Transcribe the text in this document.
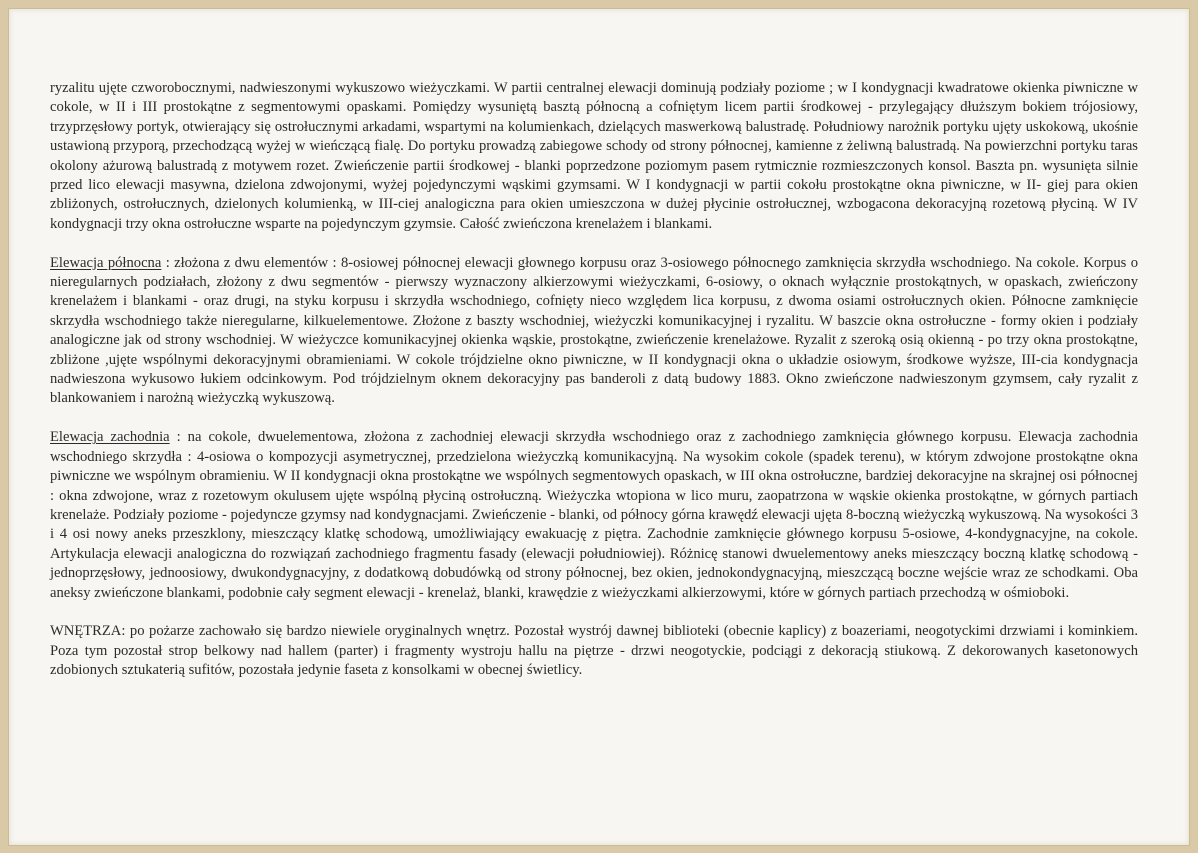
ryzalitu ujęte czworobocznymi, nadwieszonymi wykuszowo wieżyczkami. W partii centralnej elewacji dominują podziały poziome ; w I kondygnacji kwadratowe okienka piwniczne w cokole, w II i III prostokątne z segmentowymi opaskami. Pomiędzy wysuniętą basztą północną a cofniętym licem partii środkowej - przylegający dłuższym bokiem trójosiowy, trzyprzęsłowy portyk, otwierający się ostrołucznymi arkadami, wspartymi na kolumienkach, dzielących maswerkową balustradę. Południowy narożnik portyku ujęty uskokową, ukośnie ustawioną przyporą, przechodzącą wyżej w wieńczącą fialę. Do portyku prowadzą zabiegowe schody od strony północnej, kamienne z żeliwną balustradą. Na powierzchni portyku taras okolony ażurową balustradą z motywem rozet. Zwieńczenie partii środkowej - blanki poprzedzone poziomym pasem rytmicznie rozmieszczonych konsol. Baszta pn. wysunięta silnie przed lico elewacji masywna, dzielona zdwojonymi, wyżej pojedynczymi wąskimi gzymsami. W I kondygnacji w partii cokołu prostokątne okna piwniczne, w II- giej para okien zbliżonych, ostrołucznych, dzielonych kolumienką, w III-ciej analogiczna para okien umieszczona w dużej płycinie ostrołucznej, wzbogacona dekoracyjną rozetową płyciną. W IV kondygnacji trzy okna ostrołuczne wsparte na pojedynczym gzymsie. Całość zwieńczona krenelażem i blankami.

Elewacja północna : złożona z dwu elementów : 8-osiowej północnej elewacji głownego korpusu oraz 3-osiowego północnego zamknięcia skrzydła wschodniego. Na cokole. Korpus o nieregularnych podziałach, złożony z dwu segmentów - pierwszy wyznaczony alkierzowymi wieżyczkami, 6-osiowy, o oknach wyłącznie prostokątnych, w opaskach, zwieńczony krenelażem i blankami - oraz drugi, na styku korpusu i skrzydła wschodniego, cofnięty nieco względem lica korpusu, z dwoma osiami ostrołucznych okien. Północne zamknięcie skrzydła wschodniego także nieregularne, kilkuelementowe. Złożone z baszty wschodniej, wieżyczki komunikacyjnej i ryzalitu. W baszcie okna ostrołuczne - formy okien i podziały analogiczne jak od strony wschodniej. W wieżyczce komunikacyjnej okienka wąskie, prostokątne, zwieńczenie krenelażowe. Ryzalit z szeroką osią okienną - po trzy okna prostokątne, zbliżone ,ujęte wspólnymi dekoracyjnymi obramieniami. W cokole trójdzielne okno piwniczne, w II kondygnacji okna o układzie osiowym, środkowe wyższe, III-cia kondygnacja nadwieszona wykusowo łukiem odcinkowym. Pod trójdzielnym oknem dekoracyjny pas banderoli z datą budowy 1883. Okno zwieńczone nadwieszonym gzymsem, cały ryzalit z blankowaniem i narożną wieżyczką wykuszową.

Elewacja zachodnia : na cokole, dwuelementowa, złożona z zachodniej elewacji skrzydła wschodniego oraz z zachodniego zamknięcia głównego korpusu. Elewacja zachodnia wschodniego skrzydła : 4-osiowa o kompozycji asymetrycznej, przedzielona wieżyczką komunikacyjną. Na wysokim cokole (spadek terenu), w którym zdwojone prostokątne okna piwniczne we wspólnym obramieniu. W II kondygnacji okna prostokątne we wspólnych segmentowych opaskach, w III okna ostrołuczne, bardziej dekoracyjne na skrajnej osi północnej : okna zdwojone, wraz z rozetowym okulusem ujęte wspólną płyciną ostrołuczną. Wieżyczka wtopiona w lico muru, zaopatrzona w wąskie okienka prostokątne, w górnych partiach krenelaże. Podziały poziome - pojedyncze gzymsy nad kondygnacjami. Zwieńczenie - blanki, od północy górna krawędź elewacji ujęta 8-boczną wieżyczką wykuszową. Na wysokości 3 i 4 osi nowy aneks przeszklony, mieszczący klatkę schodową, umożliwiający ewakuację z piętra. Zachodnie zamknięcie głównego korpusu 5-osiowe, 4-kondygnacyjne, na cokole. Artykulacja elewacji analogiczna do rozwiązań zachodniego fragmentu fasady (elewacji południowiej). Różnicę stanowi dwuelementowy aneks mieszczący boczną klatkę schodową - jednoprzęsłowy, jednoosiowy, dwukondygnacyjny, z dodatkową dobudówką od strony północnej, bez okien, jednokondygnacyjną, mieszczącą boczne wejście wraz ze schodkami. Oba aneksy zwieńczone blankami, podobnie cały segment elewacji - krenelaż, blanki, krawędzie z wieżyczkami alkierzowymi, które w górnych partiach przechodzą w ośmioboki.

WNĘTRZA: po pożarze zachowało się bardzo niewiele oryginalnych wnętrz. Pozostał wystrój dawnej biblioteki (obecnie kaplicy) z boazeriami, neogotyckimi drzwiami i kominkiem. Poza tym pozostał strop belkowy nad hallem (parter) i fragmenty wystroju hallu na piętrze - drzwi neogotyckie, podciągi z dekoracją stiukową. Z dekorowanych kasetonowych zdobionych sztukaterią sufitów, pozostała jedynie faseta z konsolkami w obecnej świetlicy.
